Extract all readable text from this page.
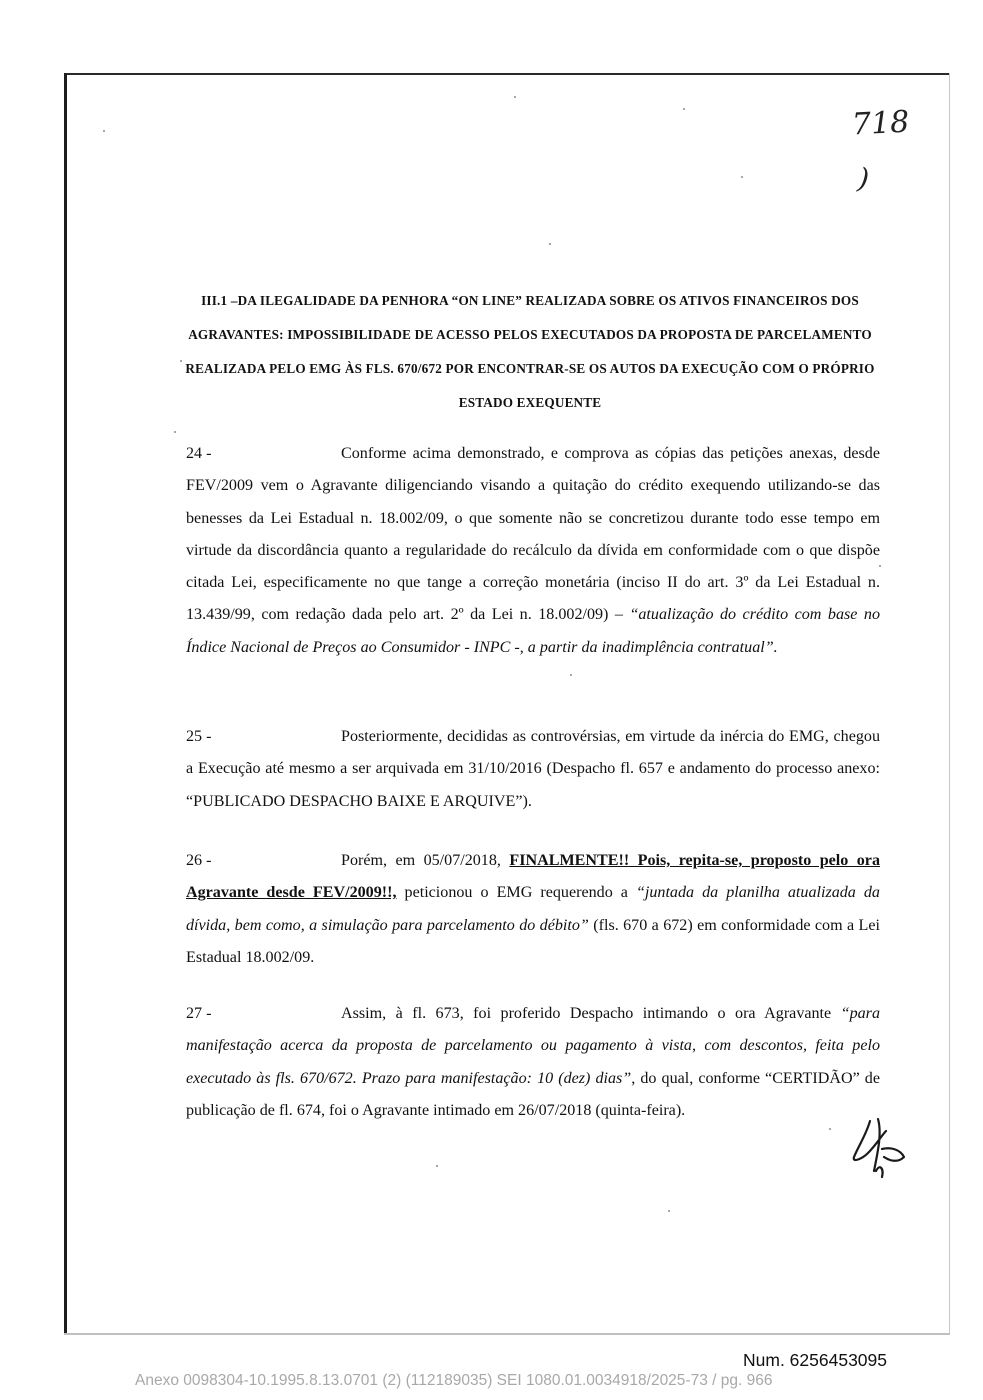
718
)
III.1 –DA ILEGALIDADE DA PENHORA “ON LINE” REALIZADA SOBRE OS ATIVOS FINANCEIROS DOS AGRAVANTES: IMPOSSIBILIDADE DE ACESSO PELOS EXECUTADOS DA PROPOSTA DE PARCELAMENTO REALIZADA PELO EMG ÀS FLS. 670/672 POR ENCONTRAR-SE OS AUTOS DA EXECUÇÃO COM O PRÓPRIO ESTADO EXEQUENTE
24 -	Conforme acima demonstrado, e comprova as cópias das petições anexas, desde FEV/2009 vem o Agravante diligenciando visando a quitação do crédito exequendo utilizando-se das benesses da Lei Estadual n. 18.002/09, o que somente não se concretizou durante todo esse tempo em virtude da discordância quanto a regularidade do recálculo da dívida em conformidade com o que dispõe citada Lei, especificamente no que tange a correção monetária (inciso II do art. 3º da Lei Estadual n. 13.439/99, com redação dada pelo art. 2º da Lei n. 18.002/09) – “atualização do crédito com base no Índice Nacional de Preços ao Consumidor - INPC -, a partir da inadimplência contratual”.
25 -	Posteriormente, decididas as controvérsias, em virtude da inércia do EMG, chegou a Execução até mesmo a ser arquivada em 31/10/2016 (Despacho fl. 657 e andamento do processo anexo: “PUBLICADO DESPACHO BAIXE E ARQUIVE”).
26 -	Porém, em 05/07/2018, FINALMENTE!! Pois, repita-se, proposto pelo ora Agravante desde FEV/2009!!, peticionou o EMG requerendo a “juntada da planilha atualizada da dívida, bem como, a simulação para parcelamento do débito” (fls. 670 a 672) em conformidade com a Lei Estadual 18.002/09.
27 -	Assim, à fl. 673, foi proferido Despacho intimando o ora Agravante “para manifestação acerca da proposta de parcelamento ou pagamento à vista, com descontos, feita pelo executado às fls. 670/672. Prazo para manifestação: 10 (dez) dias”, do qual, conforme “CERTIDÃO” de publicação de fl. 674, foi o Agravante intimado em 26/07/2018 (quinta-feira).
Num. 6256453095
Anexo 0098304-10.1995.8.13.0701 (2) (112189035) SEI 1080.01.0034918/2025-73 / pg. 966
